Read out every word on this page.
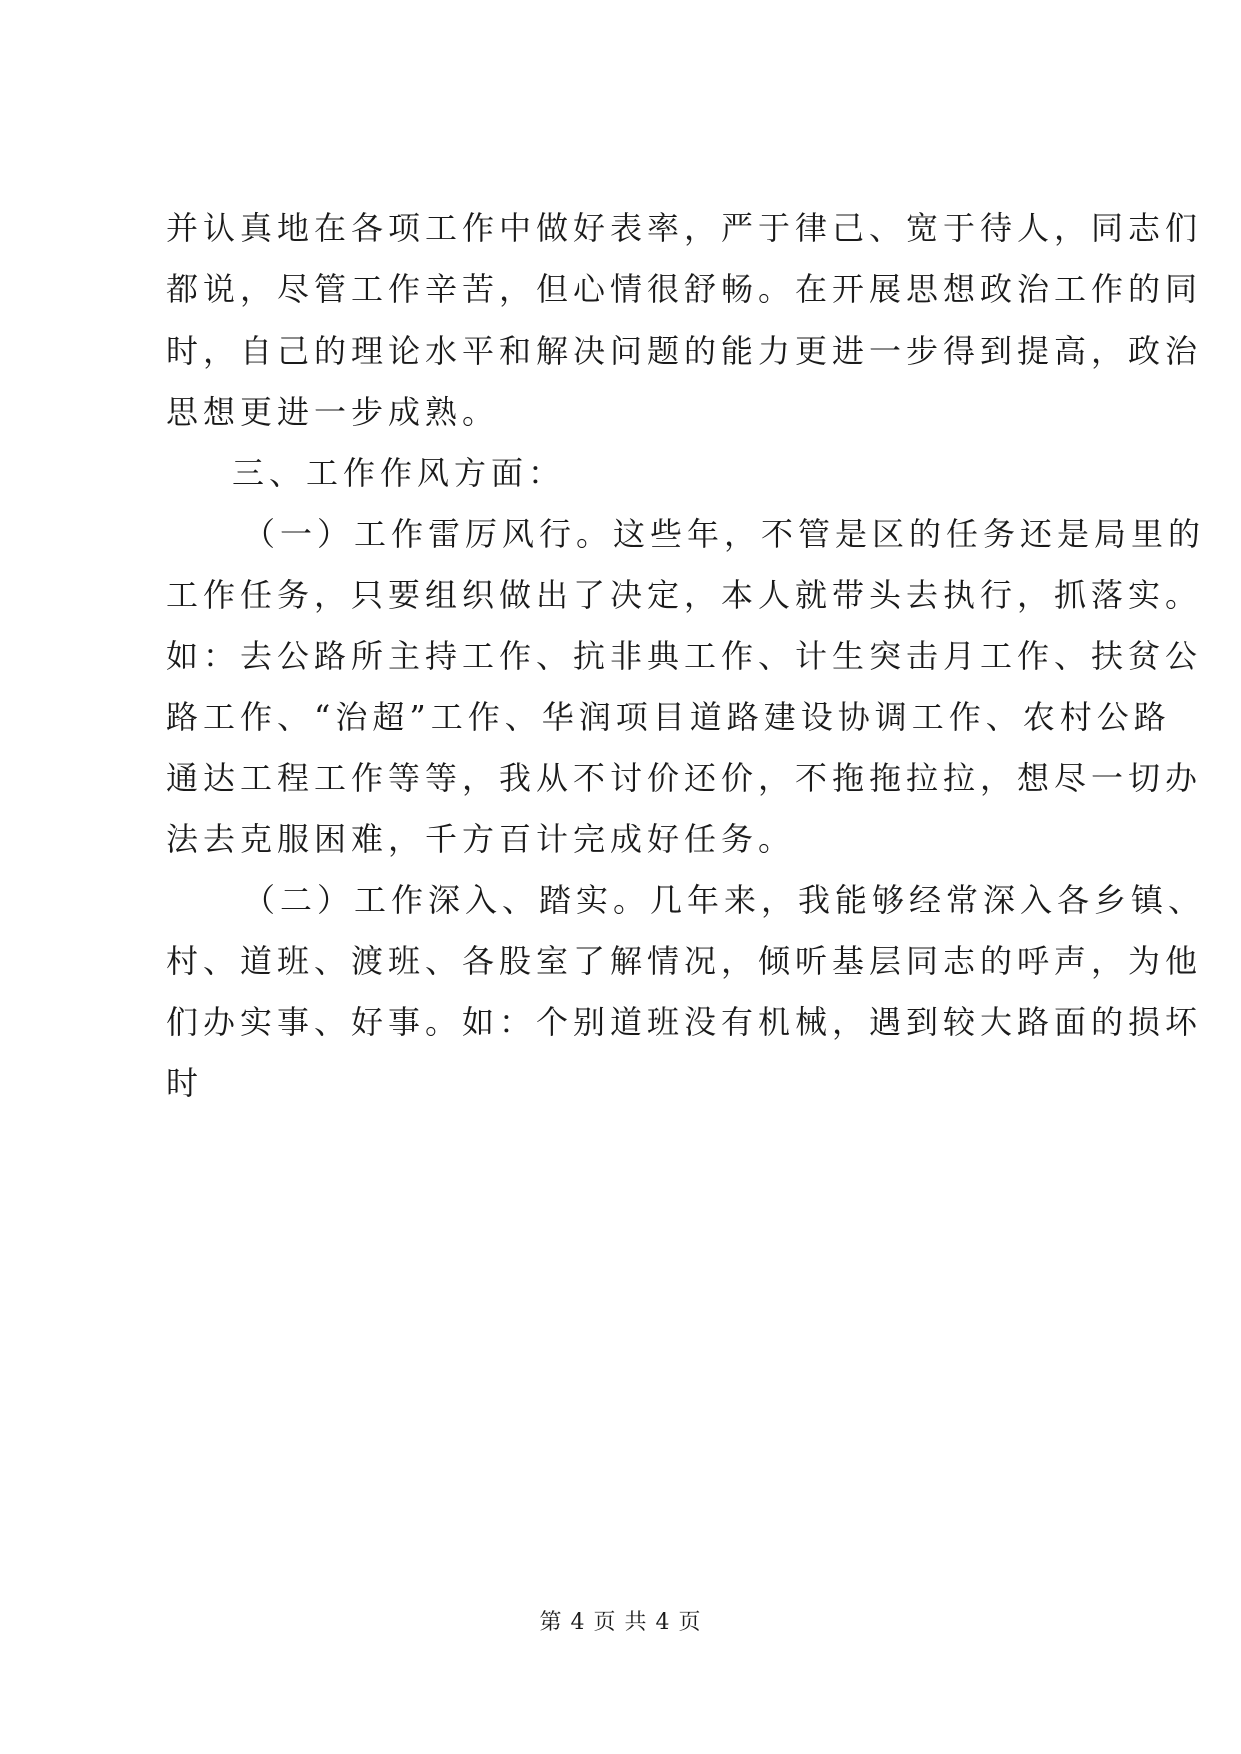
并认真地在各项工作中做好表率，严于律己、宽于待人，同志们
都说，尽管工作辛苦，但心情很舒畅。在开展思想政治工作的同
时，自己的理论水平和解决问题的能力更进一步得到提高，政治
思想更进一步成熟。
三、工作作风方面：
（一）工作雷厉风行。这些年，不管是区的任务还是局里的
工作任务，只要组织做出了决定，本人就带头去执行，抓落实。
如：去公路所主持工作、抗非典工作、计生突击月工作、扶贫公
路工作、“治超”工作、华润项目道路建设协调工作、农村公路
通达工程工作等等，我从不讨价还价，不拖拖拉拉，想尽一切办
法去克服困难，千方百计完成好任务。
（二）工作深入、踏实。几年来，我能够经常深入各乡镇、
村、道班、渡班、各股室了解情况，倾听基层同志的呼声，为他
们办实事、好事。如：个别道班没有机械，遇到较大路面的损坏
时
第 4 页 共 4 页
